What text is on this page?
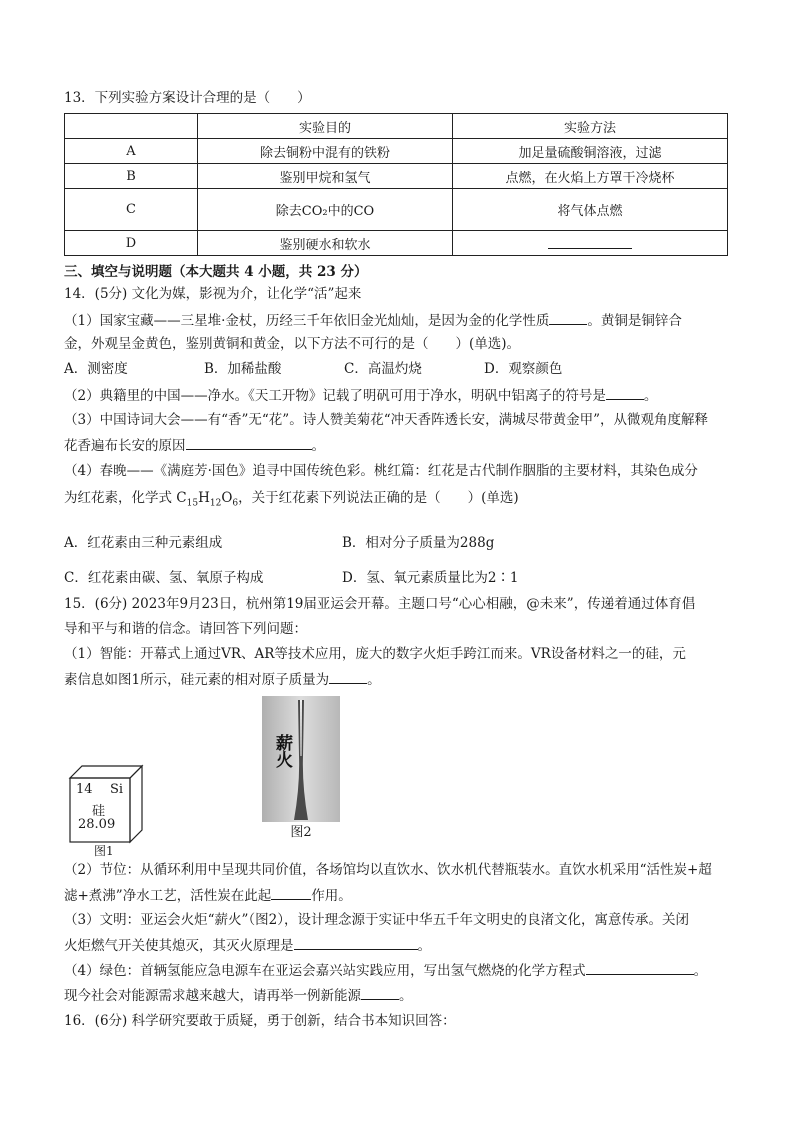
13．下列实验方案设计合理的是（　　）
	实验目的	实验方法
A	除去铜粉中混有的铁粉	加足量硫酸铜溶液，过滤
B	鉴别甲烷和氢气	点燃，在火焰上方罩干冷烧杯
C	除去CO₂中的CO	将气体点燃
D	鉴别硬水和软水	
三、填空与说明题（本大题共 4 小题，共 23 分）
14．(5分) 文化为媒，影视为介，让化学“活”起来
（1）国家宝藏——三星堆·金杖，历经三千年依旧金光灿灿，是因为金的化学性质	。黄铜是铜锌合
金，外观呈金黄色，鉴别黄铜和黄金，以下方法不可行的是（　　）(单选)。
A．测密度	B．加稀盐酸	C．高温灼烧	D．观察颜色
（2）典籍里的中国——净水。《天工开物》记载了明矾可用于净水，明矾中铝离子的符号是	。
（3）中国诗词大会——有“香”无“花”。诗人赞美菊花“冲天香阵透长安，满城尽带黄金甲”，从微观角度解释
花香遍布长安的原因	。
（4）春晚——《满庭芳·国色》追寻中国传统色彩。桃红篇：红花是古代制作胭脂的主要材料，其染色成分
为红花素，化学式 $C_{15}H_{12}O_6$，关于红花素下列说法正确的是（　　）(单选)
A．红花素由三种元素组成	B．相对分子质量为288g
C．红花素由碳、氢、氧原子构成	D．氢、氧元素质量比为2∶1
15．(6分) 2023年9月23日，杭州第19届亚运会开幕。主题口号“心心相融，@未来”，传递着通过体育倡
导和平与和谐的信念。请回答下列问题：
（1）智能：开幕式上通过VR、AR等技术应用，庞大的数字火炬手跨江而来。VR设备材料之一的硅，元
素信息如图1所示，硅元素的相对原子质量为	。
14 Si
硅
28.09
图1
薪火
图2
（2）节位：从循环利用中呈现共同价值，各场馆均以直饮水、饮水机代替瓶装水。直饮水机采用“活性炭+超
滤+煮沸”净水工艺，活性炭在此起	作用。
（3）文明：亚运会火炬“薪火”（图2），设计理念源于实证中华五千年文明史的良渚文化，寓意传承。关闭
火炬燃气开关使其熄灭，其灭火原理是	。
（4）绿色：首辆氢能应急电源车在亚运会嘉兴站实践应用，写出氢气燃烧的化学方程式	。
现今社会对能源需求越来越大，请再举一例新能源	。
16．(6分) 科学研究要敢于质疑，勇于创新，结合书本知识回答：
